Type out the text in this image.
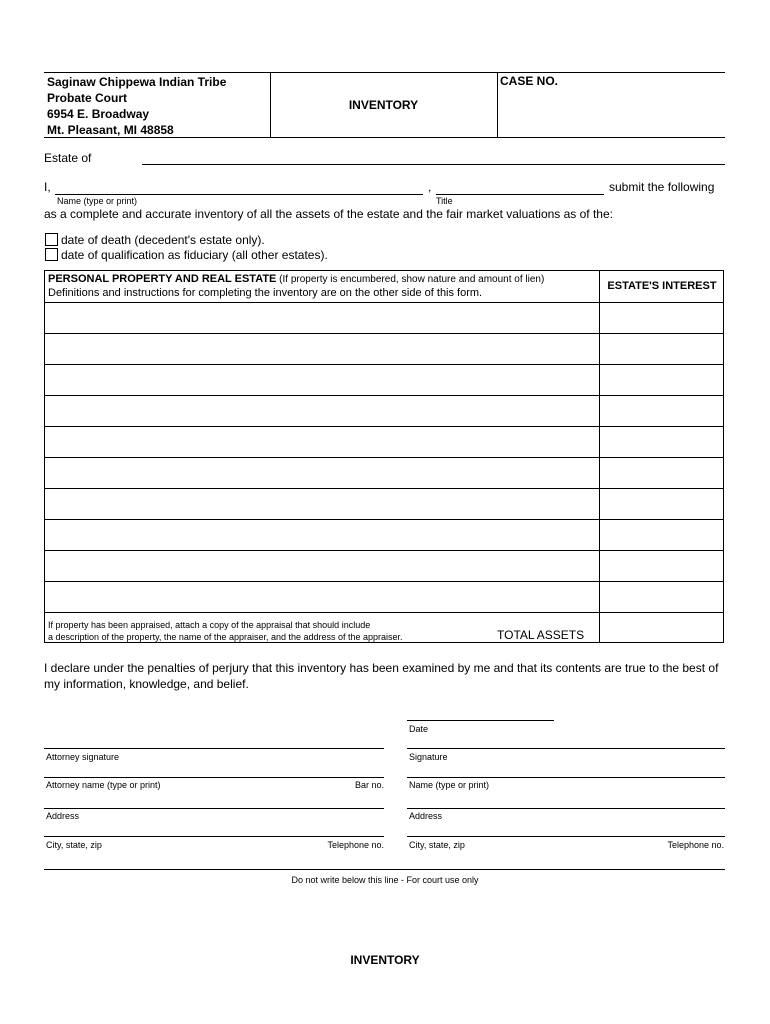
Saginaw Chippewa Indian Tribe
Probate Court
6954 E. Broadway
Mt. Pleasant, MI 48858
INVENTORY
CASE NO.
Estate of
I,	,	submit the following
Name (type or print)	Title
as a complete and accurate inventory of all the assets of the estate and the fair market valuations as of the:
date of death (decedent's estate only).
date of qualification as fiduciary (all other estates).
PERSONAL PROPERTY AND REAL ESTATE (If property is encumbered, show nature and amount of lien)
Definitions and instructions for completing the inventory are on the other side of this form.
ESTATE'S INTEREST
If property has been appraised, attach a copy of the appraisal that should include
a description of the property, the name of the appraiser, and the address of the appraiser.	TOTAL ASSETS
I declare under the penalties of perjury that this inventory has been examined by me and that its contents are true to the best of
my information, knowledge, and belief.
Date
Attorney signature	Signature
Attorney name (type or print)	Bar no.	Name (type or print)
Address	Address
City, state, zip	Telephone no.	City, state, zip	Telephone no.
Do not write below this line - For court use only
INVENTORY
